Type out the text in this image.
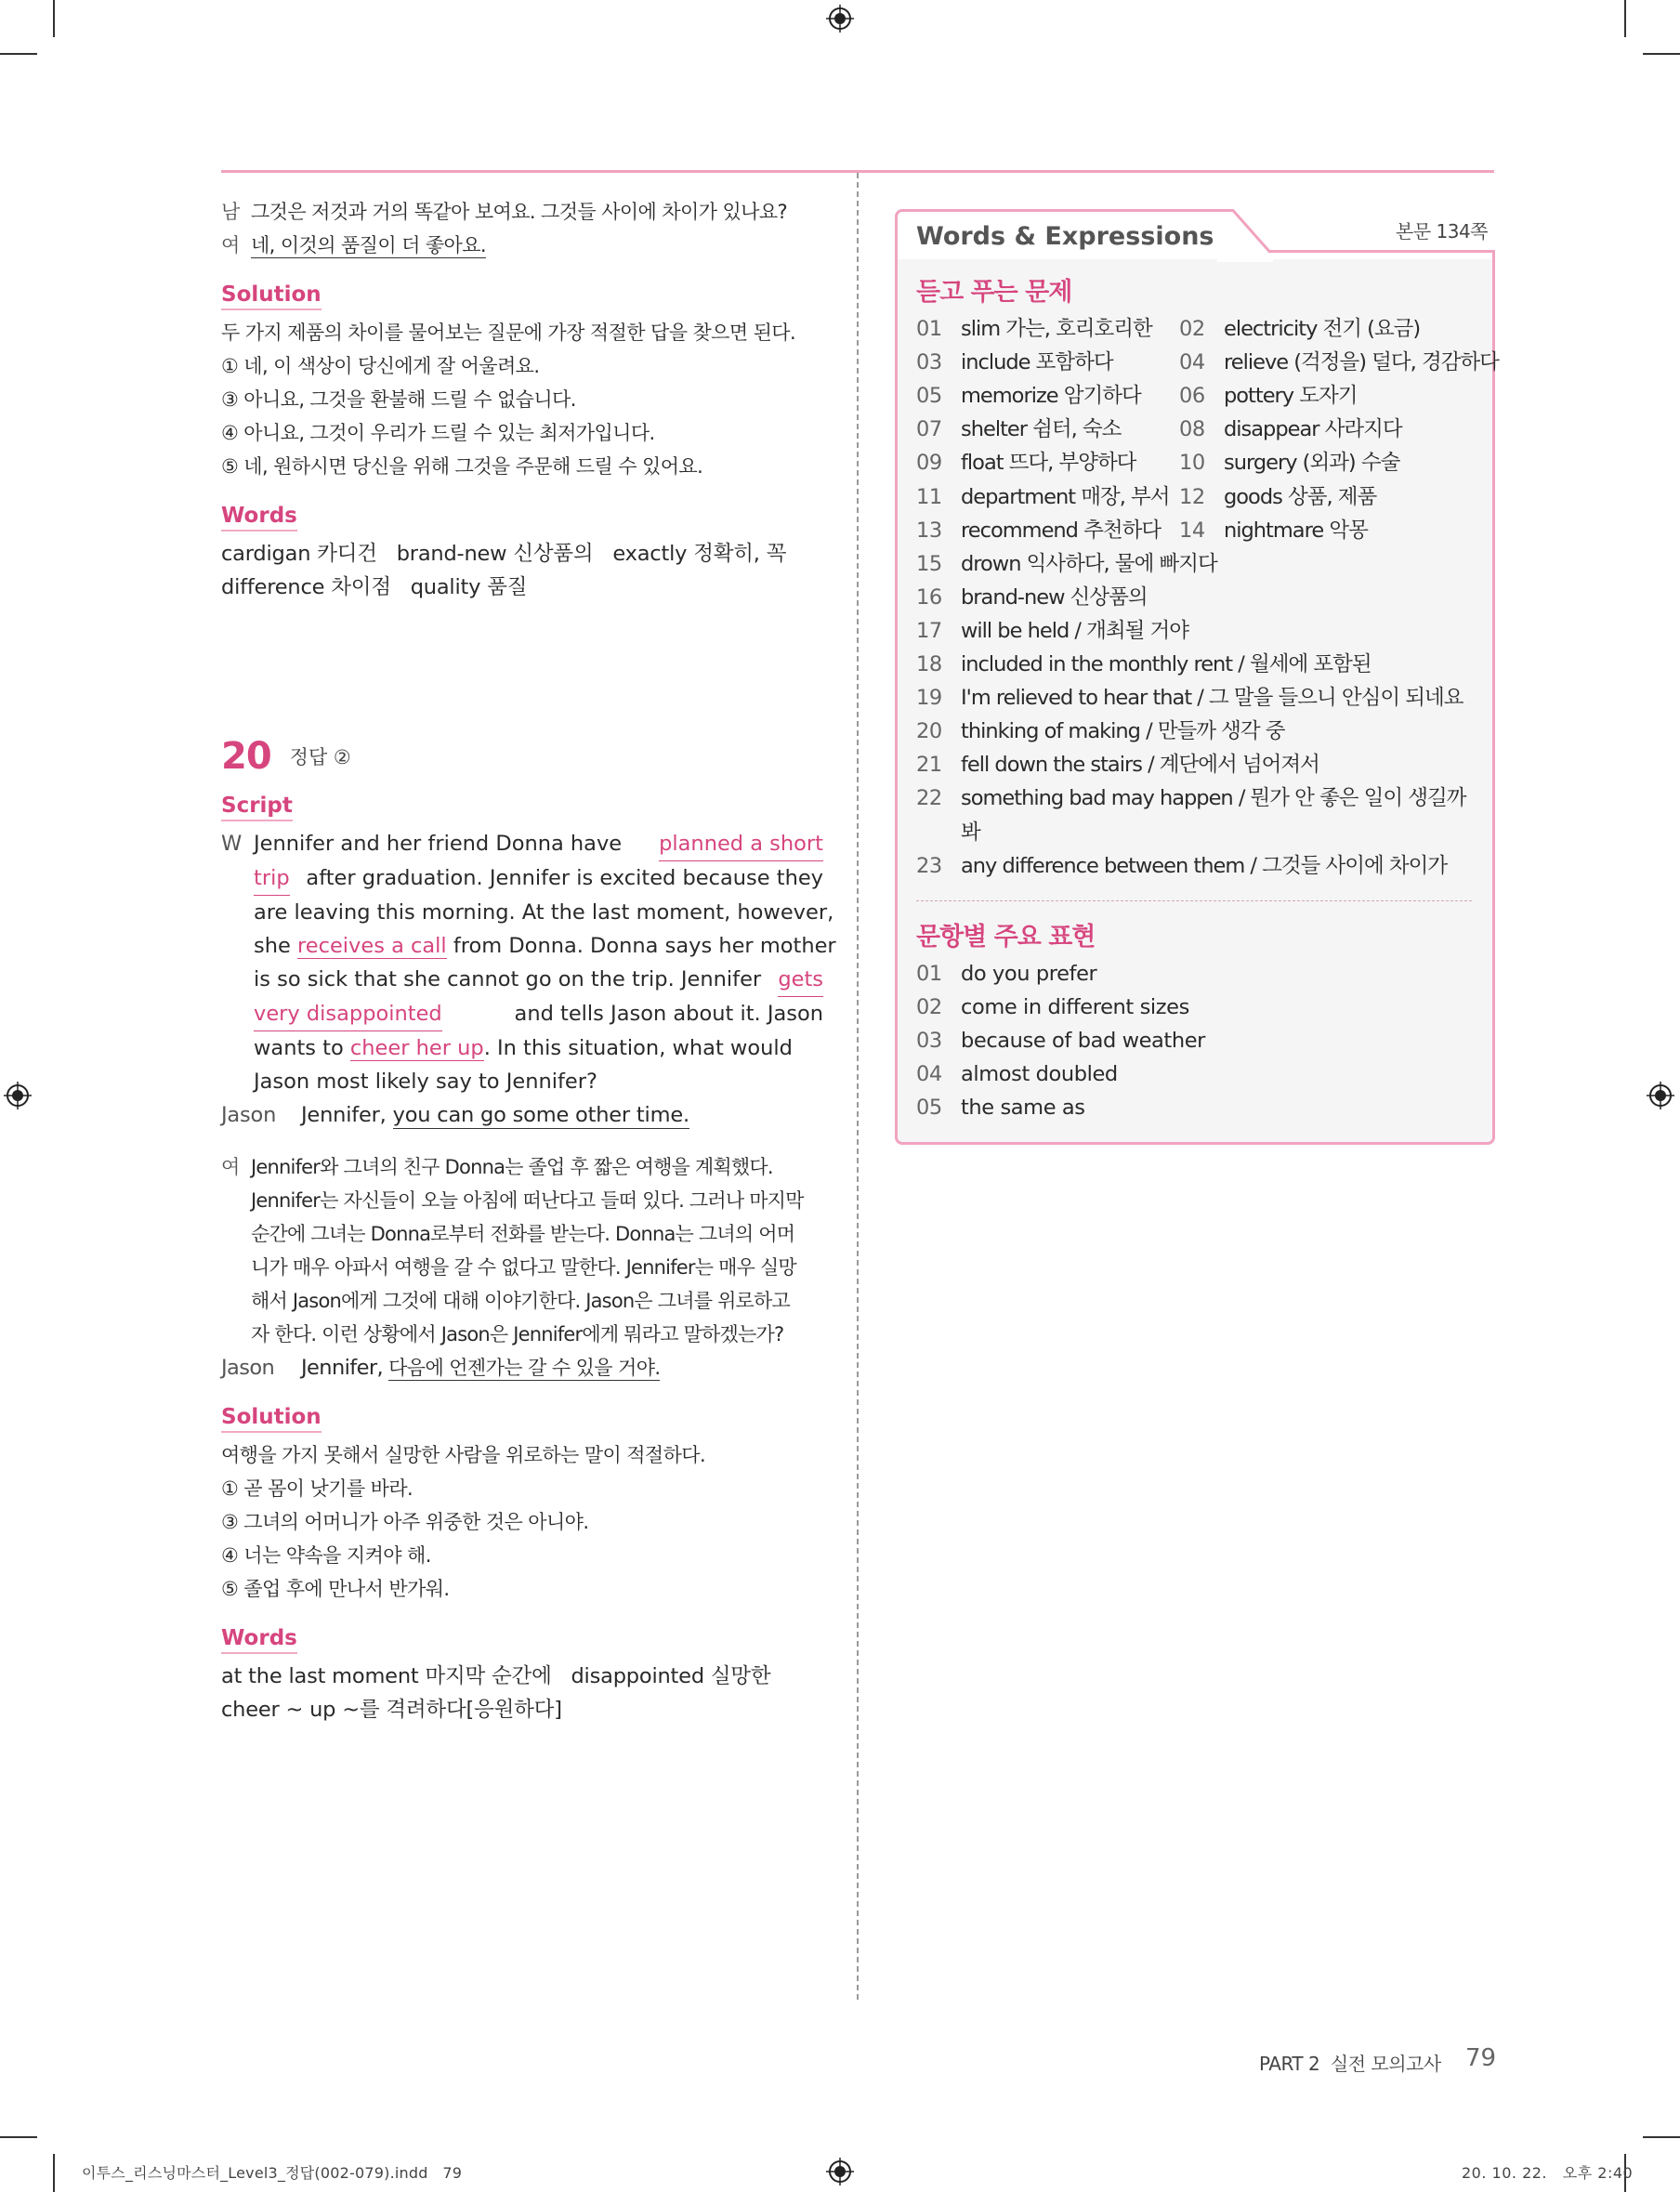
남 그것은 저것과 거의 똑같아 보여요. 그것들 사이에 차이가 있나요?
여 네, 이것의 품질이 더 좋아요.
Solution
두 가지 제품의 차이를 물어보는 질문에 가장 적절한 답을 찾으면 된다.
① 네, 이 색상이 당신에게 잘 어울려요.
③ 아니요, 그것을 환불해 드릴 수 없습니다.
④ 아니요, 그것이 우리가 드릴 수 있는 최저가입니다.
⑤ 네, 원하시면 당신을 위해 그것을 주문해 드릴 수 있어요.
Words
cardigan 카디건   brand-new 신상품의   exactly 정확히, 꼭
difference 차이점   quality 품질
20 정답 ②
Script
W Jennifer and her friend Donna have planned a short
trip after graduation. Jennifer is excited because they
are leaving this morning. At the last moment, however,
she receives a call from Donna. Donna says her mother
is so sick that she cannot go on the trip. Jennifer gets
very disappointed	and tells Jason about it. Jason
wants to cheer her up. In this situation, what would
Jason most likely say to Jennifer?
Jason Jennifer, you can go some other time.
여 Jennifer와 그녀의 친구 Donna는 졸업 후 짧은 여행을 계획했다.
Jennifer는 자신들이 오늘 아침에 떠난다고 들떠 있다. 그러나 마지막
순간에 그녀는 Donna로부터 전화를 받는다. Donna는 그녀의 어머
니가 매우 아파서 여행을 갈 수 없다고 말한다. Jennifer는 매우 실망
해서 Jason에게 그것에 대해 이야기한다. Jason은 그녀를 위로하고
자 한다. 이런 상황에서 Jason은 Jennifer에게 뭐라고 말하겠는가?
Jason Jennifer, 다음에 언젠가는 갈 수 있을 거야.
Solution
여행을 가지 못해서 실망한 사람을 위로하는 말이 적절하다.
① 곧 몸이 낫기를 바라.
③ 그녀의 어머니가 아주 위중한 것은 아니야.
④ 너는 약속을 지켜야 해.
⑤ 졸업 후에 만나서 반가워.
Words
at the last moment 마지막 순간에   disappointed 실망한
cheer ~ up ~를 격려하다[응원하다]
Words & Expressions	본문 134쪽
듣고 푸는 문제
01 slim 가는, 호리호리한 02 electricity 전기 (요금)
03 include 포함하다	04 relieve (걱정을) 덜다, 경감하다
05 memorize 암기하다 06 pottery 도자기
07 shelter 쉼터, 숙소	08 disappear 사라지다
09 float 뜨다, 부양하다 10 surgery (외과) 수술
11 department 매장, 부서 12 goods 상품, 제품
13 recommend 추천하다 14 nightmare 악몽
15 drown 익사하다, 물에 빠지다
16 brand-new 신상품의
17 will be held / 개최될 거야
18 included in the monthly rent / 월세에 포함된
19 I'm relieved to hear that / 그 말을 들으니 안심이 되네요
20 thinking of making / 만들까 생각 중
21 fell down the stairs / 계단에서 넘어져서
22 something bad may happen / 뭔가 안 좋은 일이 생길까
봐
23 any difference between them / 그것들 사이에 차이가
문항별 주요 표현
01 do you prefer
02 come in different sizes
03 because of bad weather
04 almost doubled
05 the same as
PART 2  실전 모의고사 79
이투스_리스닝마스터_Level3_정답(002-079).indd   79	20. 10. 22.   오후 2:40
